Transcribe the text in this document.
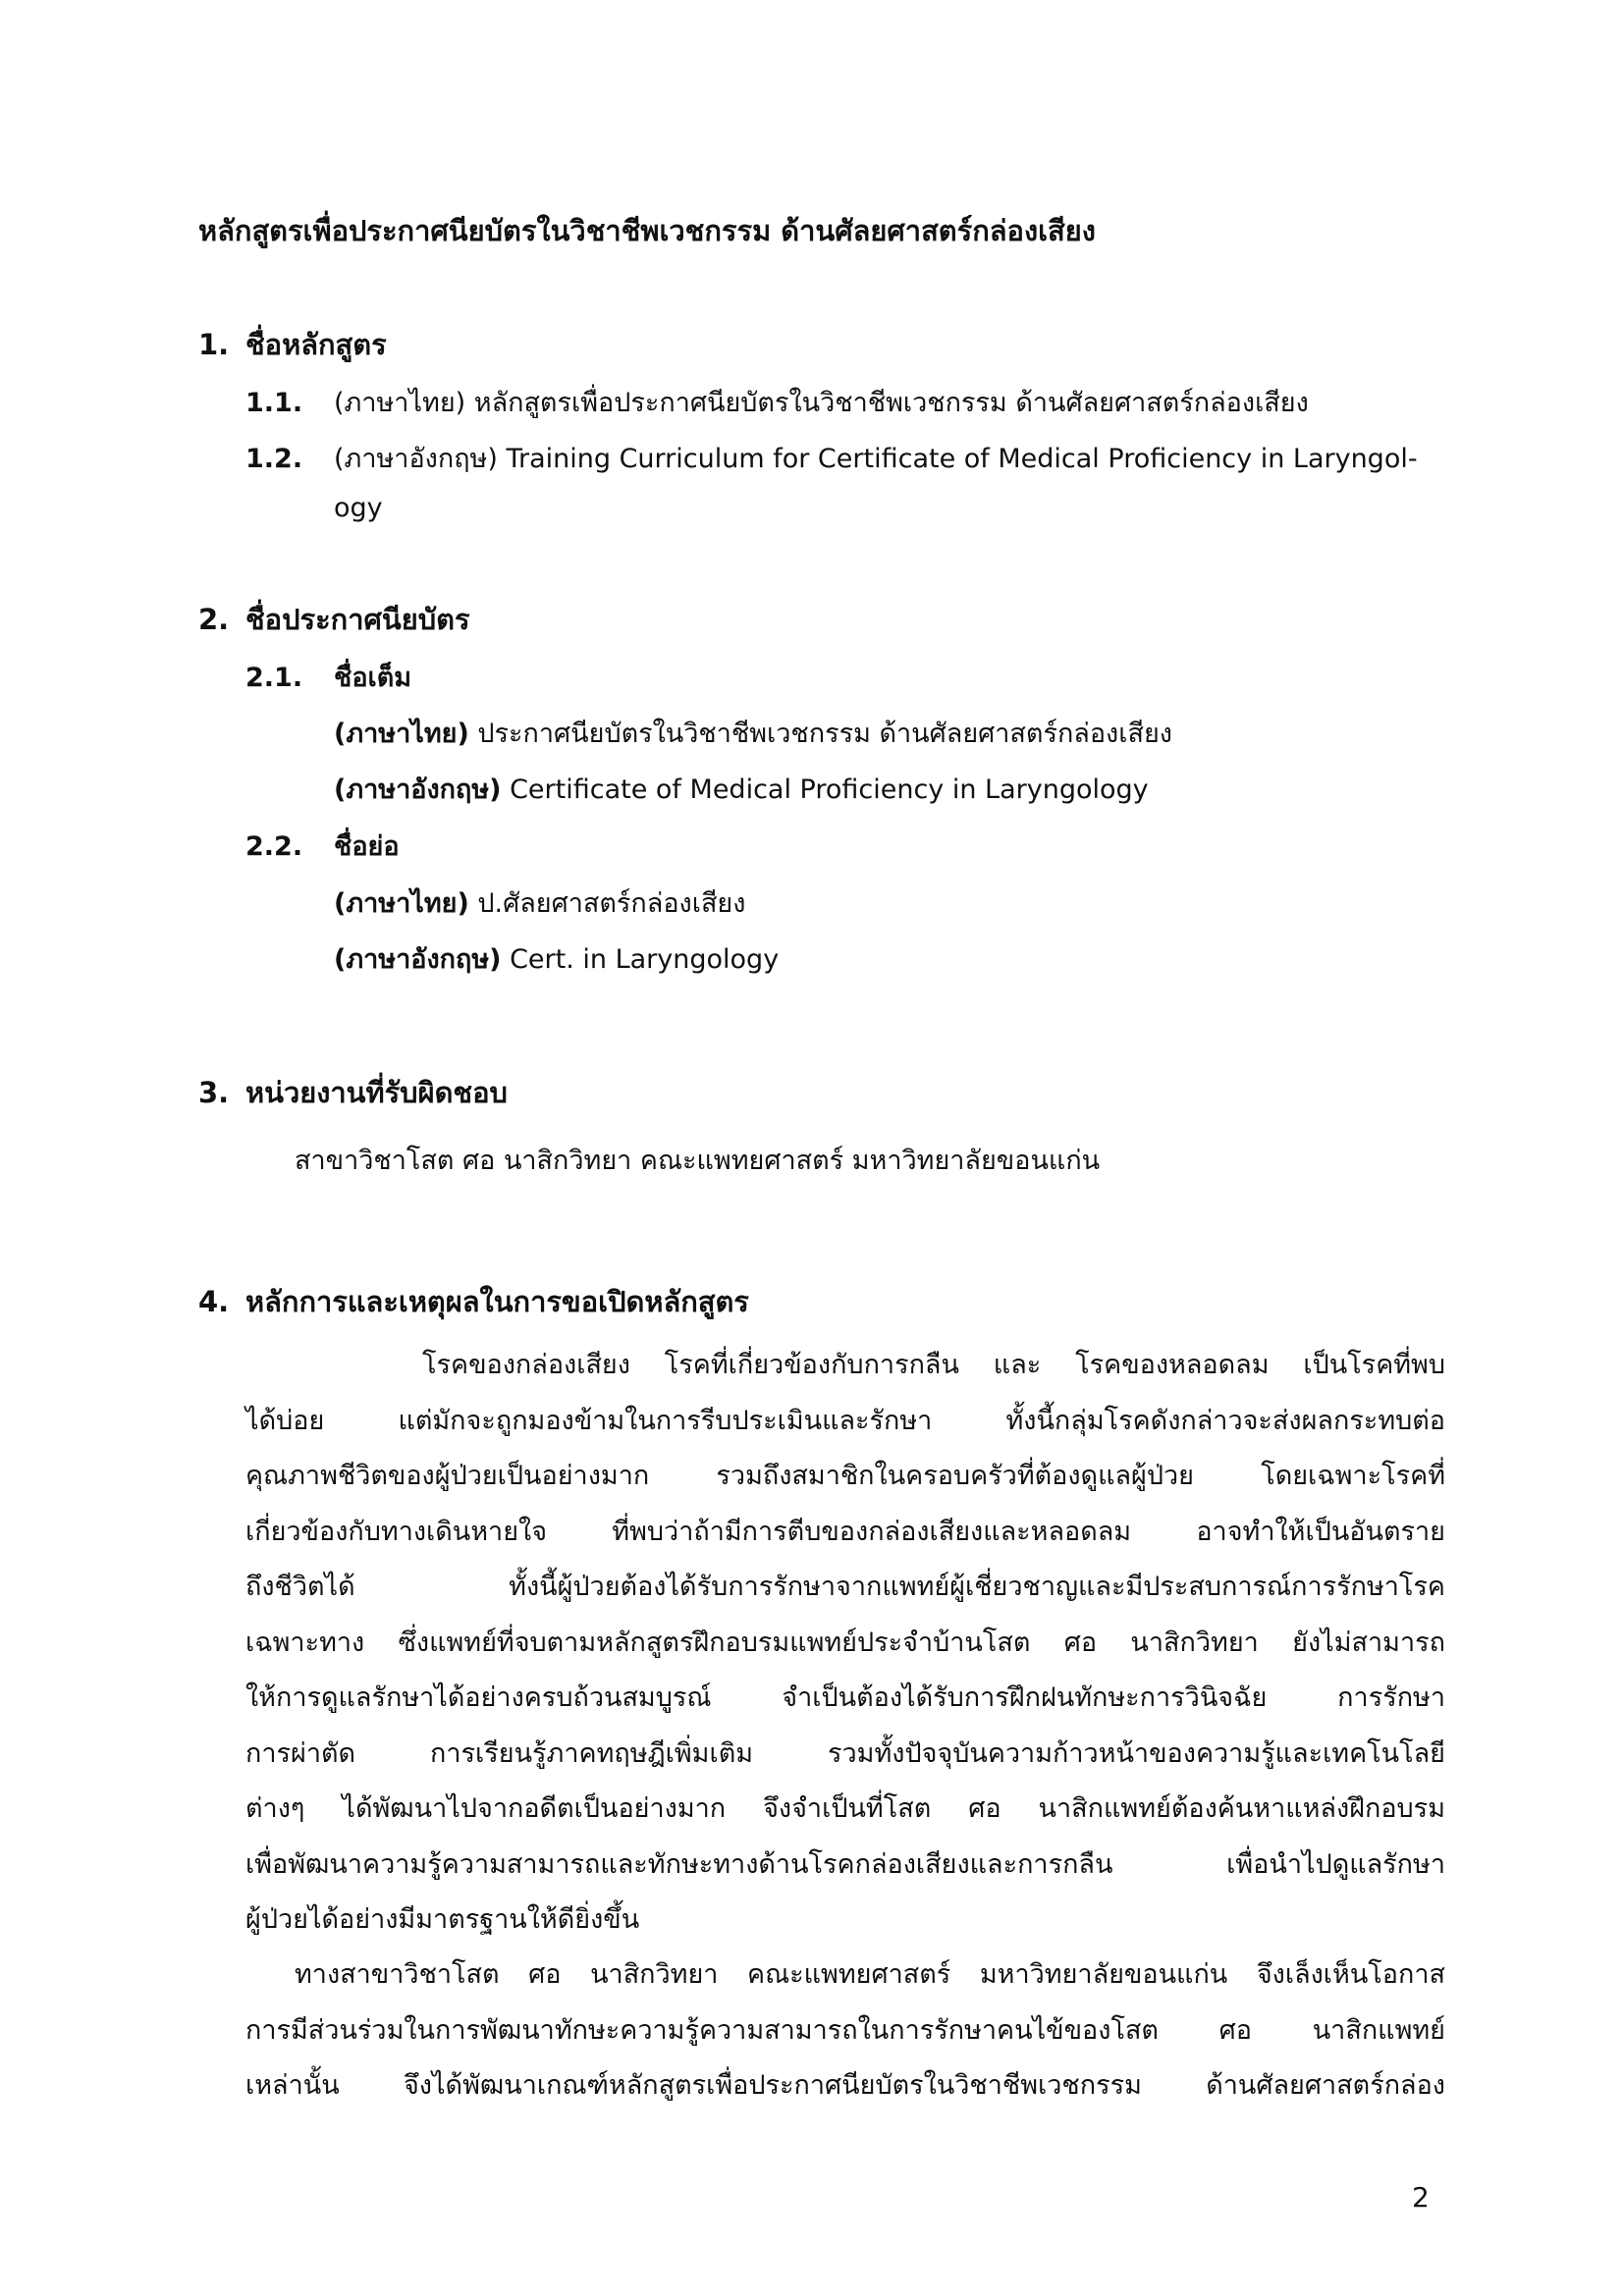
หลักสูตรเพื่อประกาศนียบัตรในวิชาชีพเวชกรรม ด้านศัลยศาสตร์กล่องเสียง
1. ชื่อหลักสูตร
1.1. (ภาษาไทย) หลักสูตรเพื่อประกาศนียบัตรในวิชาชีพเวชกรรม ด้านศัลยศาสตร์กล่องเสียง
1.2. (ภาษาอังกฤษ) Training Curriculum for Certificate of Medical Proficiency in Laryngol-
ogy
2. ชื่อประกาศนียบัตร
2.1. ชื่อเต็ม
(ภาษาไทย) ประกาศนียบัตรในวิชาชีพเวชกรรม ด้านศัลยศาสตร์กล่องเสียง
(ภาษาอังกฤษ) Certificate of Medical Proficiency in Laryngology
2.2. ชื่อย่อ
(ภาษาไทย) ป.ศัลยศาสตร์กล่องเสียง
(ภาษาอังกฤษ) Cert. in Laryngology
3. หน่วยงานที่รับผิดชอบ
สาขาวิชาโสต ศอ นาสิกวิทยา คณะแพทยศาสตร์ มหาวิทยาลัยขอนแก่น
4. หลักการและเหตุผลในการขอเปิดหลักสูตร
โรคของกล่องเสียง โรคที่เกี่ยวข้องกับการกลืน และ โรคของหลอดลม เป็นโรคที่พบ
ได้บ่อย แต่มักจะถูกมองข้ามในการรีบประเมินและรักษา ทั้งนี้กลุ่มโรคดังกล่าวจะส่งผลกระทบต่อ
คุณภาพชีวิตของผู้ป่วยเป็นอย่างมาก รวมถึงสมาชิกในครอบครัวที่ต้องดูแลผู้ป่วย โดยเฉพาะโรคที่
เกี่ยวข้องกับทางเดินหายใจ ที่พบว่าถ้ามีการตีบของกล่องเสียงและหลอดลม อาจทำให้เป็นอันตราย
ถึงชีวิตได้ ทั้งนี้ผู้ป่วยต้องได้รับการรักษาจากแพทย์ผู้เชี่ยวชาญและมีประสบการณ์การรักษาโรค
เฉพาะทาง ซึ่งแพทย์ที่จบตามหลักสูตรฝึกอบรมแพทย์ประจำบ้านโสต ศอ นาสิกวิทยา ยังไม่สามารถ
ให้การดูแลรักษาได้อย่างครบถ้วนสมบูรณ์ จำเป็นต้องได้รับการฝึกฝนทักษะการวินิจฉัย การรักษา
การผ่าตัด การเรียนรู้ภาคทฤษฎีเพิ่มเติม รวมทั้งปัจจุบันความก้าวหน้าของความรู้และเทคโนโลยี
ต่างๆ ได้พัฒนาไปจากอดีตเป็นอย่างมาก จึงจำเป็นที่โสต ศอ นาสิกแพทย์ต้องค้นหาแหล่งฝึกอบรม
เพื่อพัฒนาความรู้ความสามารถและทักษะทางด้านโรคกล่องเสียงและการกลืน เพื่อนำไปดูแลรักษา
ผู้ป่วยได้อย่างมีมาตรฐานให้ดียิ่งขึ้น
ทางสาขาวิชาโสต ศอ นาสิกวิทยา คณะแพทยศาสตร์ มหาวิทยาลัยขอนแก่น จึงเล็งเห็นโอกาส
การมีส่วนร่วมในการพัฒนาทักษะความรู้ความสามารถในการรักษาคนไข้ของโสต ศอ นาสิกแพทย์
เหล่านั้น จึงได้พัฒนาเกณฑ์หลักสูตรเพื่อประกาศนียบัตรในวิชาชีพเวชกรรม ด้านศัลยศาสตร์กล่อง
2
